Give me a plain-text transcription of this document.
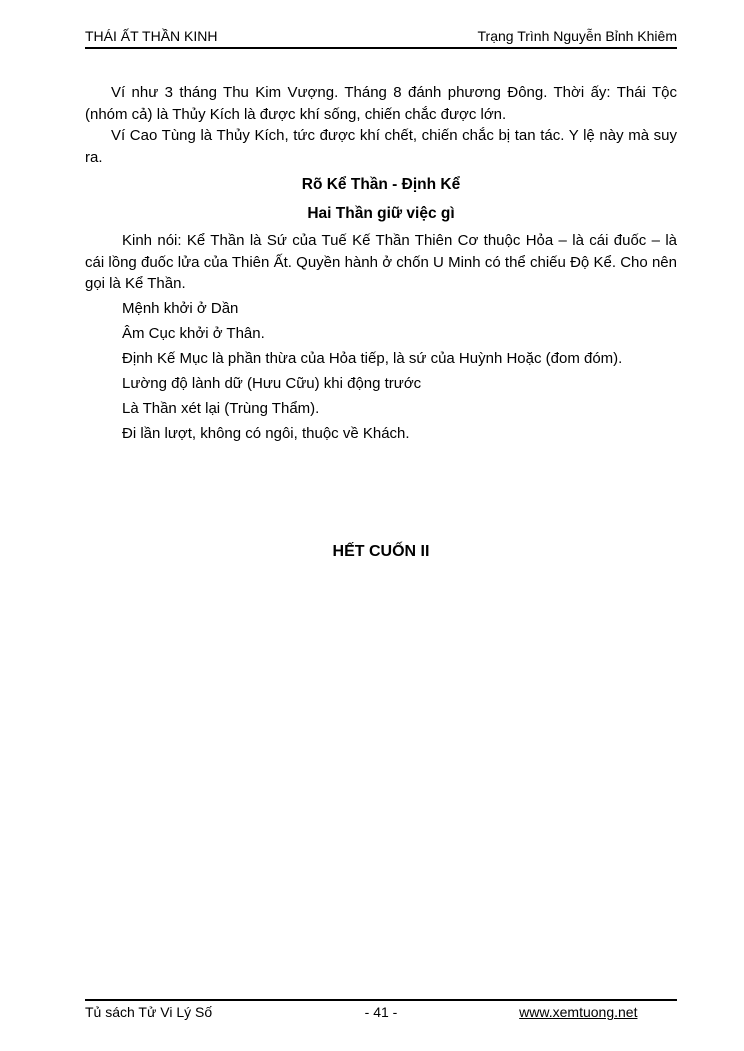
THÁI ẤT THẦN KINH	Trạng Trình Nguyễn Bỉnh Khiêm

Ví như 3 tháng Thu Kim Vượng. Tháng 8 đánh phương Đông. Thời ấy: Thái Tộc (nhóm cả) là Thủy Kích là được khí sống, chiến chắc được lớn.

Ví Cao Tùng là Thủy Kích, tức được khí chết, chiến chắc bị tan tác. Y lệ này mà suy ra.

Rõ Kể Thần - Định Kể
Hai Thần giữ việc gì

Kinh nói: Kể Thần là Sứ của Tuế Kế Thần Thiên Cơ thuộc Hỏa – là cái đuốc – là cái lồng đuốc lửa của Thiên Ất. Quyền hành ở chốn U Minh có thể chiếu Độ Kể. Cho nên gọi là Kể Thần.

Mệnh khởi ở Dần
Âm Cục khởi ở Thân.
Định Kế Mục là phần thừa của Hỏa tiếp, là sứ của Huỳnh Hoặc (đom đóm).
Lường độ lành dữ (Hưu Cữu) khi động trước
Là Thần xét lại (Trùng Thẩm).
Đi lần lượt, không có ngôi, thuộc về Khách.
HẾT CUỐN II
Tủ sách Tử Vi Lý Số	- 41 -	www.xemtuong.net
